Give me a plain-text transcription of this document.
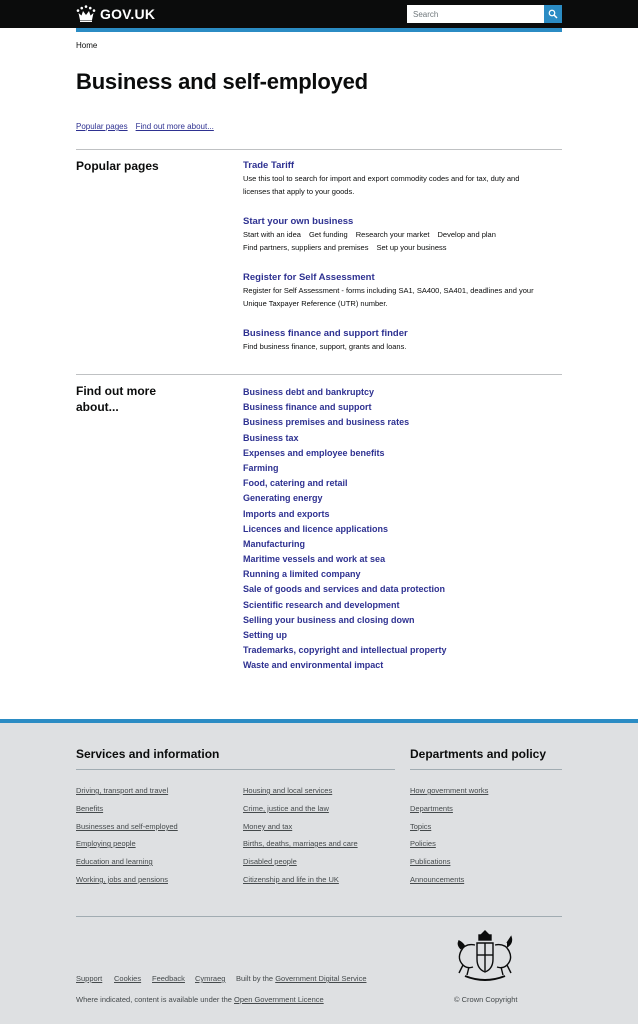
GOV.UK	Search
Home
Business and self-employed
Popular pages Find out more about...
Popular pages	Trade Tariff

Use this tool to search for import and export commodity codes and for tax, duty and licenses that apply to your goods.

Start your own business
Start with an idea Get funding Research your market Develop and planFind partners, suppliers and premises Set up your business
Register for Self Assessment

Register for Self Assessment - forms including SA1, SA400, SA401, deadlines and your Unique Taxpayer Reference (UTR) number.

Business finance and support finder

Find business finance, support, grants and loans.

Find out more about...
Business debt and bankruptcy
Business finance and support
Business premises and business rates
Business tax
Expenses and employee benefits
Farming
Food, catering and retail
Generating energy
Imports and exports
Licences and licence applications
Manufacturing
Maritime vessels and work at sea
Running a limited company
Sale of goods and services and data protection
Scientific research and development
Selling your business and closing down
Setting up
Trademarks, copyright and intellectual property
Waste and environmental impact
Services and information
Driving, transport and travel
Benefits
Businesses and self-employed
Employing people
Education and learning
Working, jobs and pensions
Housing and local services
Crime, justice and the law
Money and tax
Births, deaths, marriages and care
Disabled people
Citizenship and life in the UK
Departments and policy
How government works
Departments
Topics
Policies
Publications
Announcements
Support Cookies Feedback Cymraeg Built by the Government Digital Service
Where indicated, content is available under the Open Government Licence	© Crown Copyright
